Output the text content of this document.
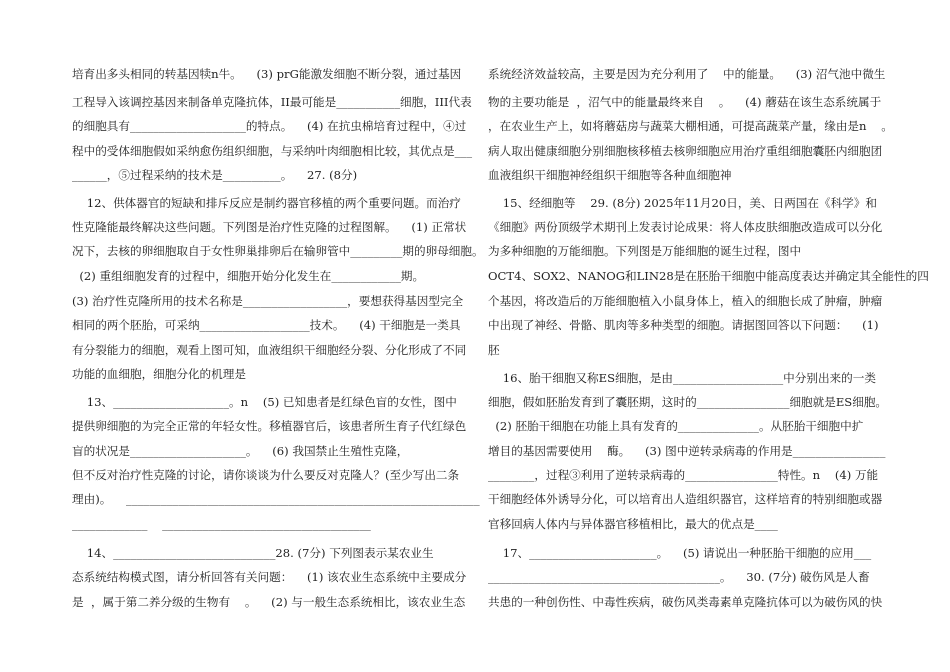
培育出多头相同的转基因犊n牛。    (3) prG能激发细胞不断分裂，通过基因
工程导入该调控基因来制备单克隆抗体，II最可能是___________细胞，III代表
的细胞具有____________________的特点。    (4) 在抗虫棉培育过程中，④过
程中的受体细胞假如采纳愈伤组织细胞，与采纳叶肉细胞相比较，其优点是___
______，⑤过程采纳的技术是__________。    27. (8分)
12、供体器官的短缺和排斥反应是制约器官移植的两个重要问题。而治疗
性克隆能最终解决这些问题。下列图是治疗性克隆的过程图解。    (1) 正常状
况下，去核的卵细胞取自于女性卵巢排卵后在输卵管中_________期的卵母细胞。
(2) 重组细胞发育的过程中，细胞开始分化发生在____________期。
(3) 治疗性克隆所用的技术名称是__________________，要想获得基因型完全
相同的两个胚胎，可采纳___________________技术。    (4) 干细胞是一类具
有分裂能力的细胞，观看上图可知，血液组织干细胞经分裂、分化形成了不同
功能的血细胞，细胞分化的机理是
13、____________________。n    (5) 已知患者是红绿色盲的女性，图中
提供卵细胞的为完全正常的年轻女性。移植器官后，该患者所生育子代红绿色
盲的状况是____________________。    (6) 我国禁止生殖性克隆，
但不反对治疗性克隆的讨论，请你谈谈为什么要反对克隆人？(至少写出二条
理由)。    _____________________________________________________________
_____________    ____________________________________
14、____________________________28. (7分) 下列图表示某农业生
态系统结构模式图，请分析回答有关问题：    (1) 该农业生态系统中主要成分
是  ，属于第二养分级的生物有    。    (2) 与一般生态系统相比，该农业生态
系统经济效益较高，主要是因为充分利用了    中的能量。    (3) 沼气池中微生
物的主要功能是  ，沼气中的能量最终来自    。    (4) 蘑菇在该生态系统属于
，在农业生产上，如将蘑菇房与蔬菜大棚相通，可提高蔬菜产量，缘由是n    。
病人取出健康细胞分别细胞核移植去核卵细胞应用治疗重组细胞囊胚内细胞团
血液组织干细胞神经组织干细胞等各种血细胞神
15、经细胞等    29. (8分) 2025年11月20日，美、日两国在《科学》和
《细胞》两份顶级学术期刊上发表讨论成果：将人体皮肤细胞改造成可以分化
为多种细胞的万能细胞。下列图是万能细胞的诞生过程，图中
OCT4、SOX2、NANOG和LIN28是在胚胎干细胞中能高度表达并确定其全能性的四
个基因，将改造后的万能细胞植入小鼠身体上，植入的细胞长成了肿瘤，肿瘤
中出现了神经、骨骼、肌肉等多种类型的细胞。请据图回答以下问题：    (1)
胚
16、胎干细胞又称ES细胞，是由___________________中分别出来的一类
细胞，假如胚胎发育到了囊胚期，这时的________________细胞就是ES细胞。
(2) 胚胎干细胞在功能上具有发育的______________。从胚胎干细胞中扩
增目的基因需要使用    酶。    (3) 图中逆转录病毒的作用是________________
________，过程③利用了逆转录病毒的________________特性。n    (4) 万能
干细胞经体外诱导分化，可以培育出人造组织器官，这样培育的特别细胞或器
官移回病人体内与异体器官移植相比，最大的优点是____
17、______________________。    (5) 请说出一种胚胎干细胞的应用___
________________________________________。    30. (7分) 破伤风是人畜
共患的一种创伤性、中毒性疾病，破伤风类毒素单克隆抗体可以为破伤风的快
